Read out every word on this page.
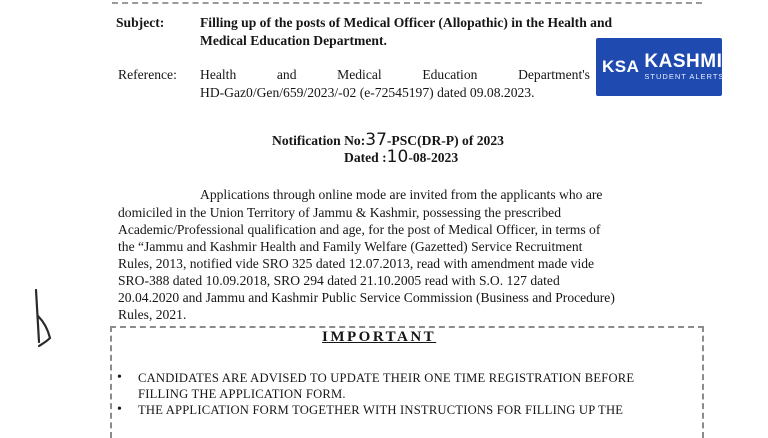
Subject:	Filling up of the posts of Medical Officer (Allopathic) in the Health and
Medical Education Department.
Reference: Health	and	Medical	Education	Department's
HD-Gaz0/Gen/659/2023/-02 (e-72545197) dated 09.08.2023.
KSA KASHMIR
STUDENT ALERTS
Notification No:37-PSC(DR-P) of 2023
Dated :10-08-2023
Applications through online mode are invited from the applicants who are
domiciled in the Union Territory of Jammu & Kashmir, possessing the prescribed
Academic/Professional qualification and age, for the post of Medical Officer, in terms of
the “Jammu and Kashmir Health and Family Welfare (Gazetted) Service Recruitment
Rules, 2013, notified vide SRO 325 dated 12.07.2013, read with amendment made vide
SRO-388 dated 10.09.2018, SRO 294 dated 21.10.2005 read with S.O. 127 dated
20.04.2020 and Jammu and Kashmir Public Service Commission (Business and Procedure)
Rules, 2021.
IMPORTANT
• CANDIDATES ARE ADVISED TO UPDATE THEIR ONE TIME REGISTRATION BEFORE
FILLING THE APPLICATION FORM.
• THE APPLICATION FORM TOGETHER WITH INSTRUCTIONS FOR FILLING UP THE
